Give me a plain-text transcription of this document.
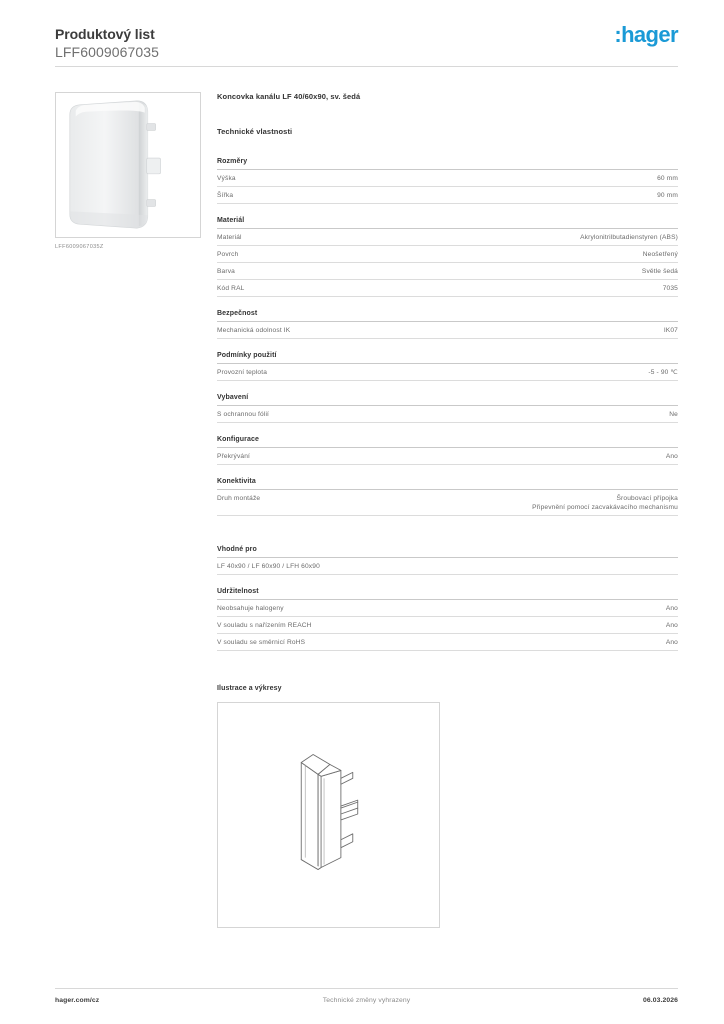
Produktový list
LFF6009067035
:hager
LFF6009067035Z
Koncovka kanálu LF 40/60x90, sv. šedá
Technické vlastnosti
Rozměry
Výška	60 mm
Šířka	90 mm
Materiál
Materiál	Akrylonitrilbutadienstyren (ABS)
Povrch	Neošetřený
Barva	Světle šedá
Kód RAL	7035
Bezpečnost
Mechanická odolnost IK	IK07
Podmínky použití
Provozní teplota	-5 - 90 ℃
Vybavení
S ochrannou fólií	Ne
Konfigurace
Překrývání	Ano
Konektivita
Druh montáže	Šroubovací přípojka
Připevnění pomocí zacvakávacího mechanismu
Vhodné pro
LF 40x90 / LF 60x90 / LFH 60x90
Udržitelnost
Neobsahuje halogeny	Ano
V souladu s nařízením REACH	Ano
V souladu se směrnicí RoHS	Ano
Ilustrace a výkresy
hager.com/cz	Technické změny vyhrazeny	06.03.2026
